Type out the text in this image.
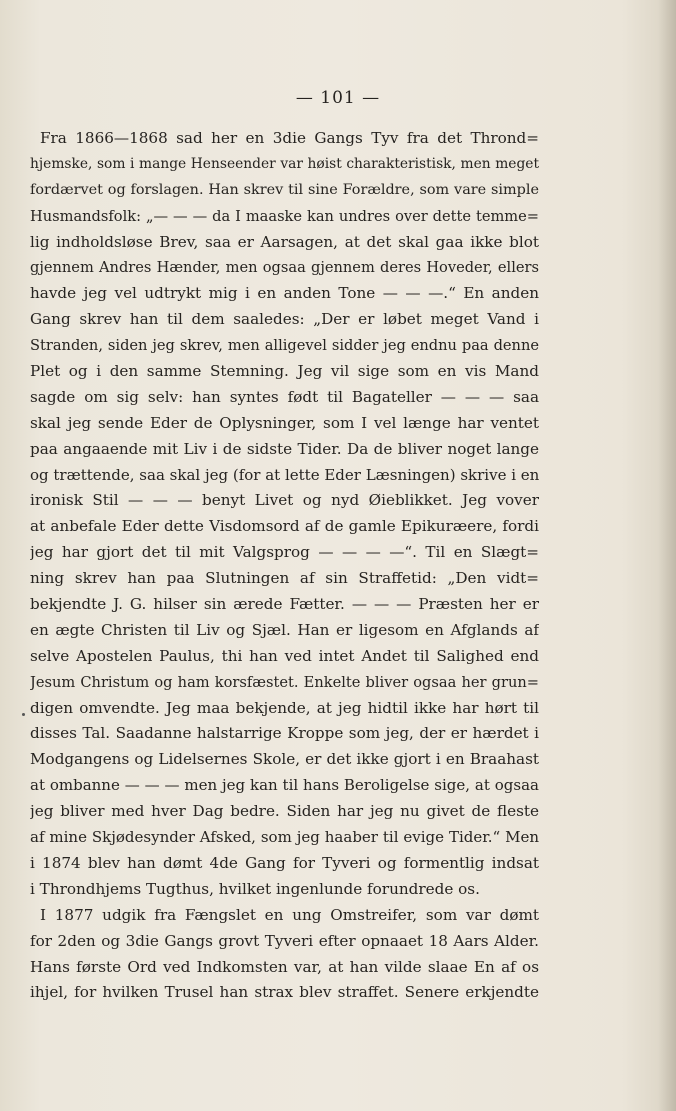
— 101 —
Fra 1866—1868 sad her en 3die Gangs Tyv fra det Thrond=
hjemske, som i mange Henseender var høist charakteristisk, men meget
fordærvet og forslagen. Han skrev til sine Forældre, som vare simple
Husmandsfolk: „— — — da I maaske kan undres over dette temme=
lig indholdsløse Brev, saa er Aarsagen, at det skal gaa ikke blot
gjennem Andres Hænder, men ogsaa gjennem deres Hoveder, ellers
havde jeg vel udtrykt mig i en anden Tone — — —.“ En anden
Gang skrev han til dem saaledes: „Der er løbet meget Vand i
Stranden, siden jeg skrev, men alligevel sidder jeg endnu paa denne
Plet og i den samme Stemning. Jeg vil sige som en vis Mand
sagde om sig selv: han syntes født til Bagateller — — — saa
skal jeg sende Eder de Oplysninger, som I vel længe har ventet
paa angaaende mit Liv i de sidste Tider. Da de bliver noget lange
og trættende, saa skal jeg (for at lette Eder Læsningen) skrive i en
ironisk Stil — — — benyt Livet og nyd Øieblikket. Jeg vover
at anbefale Eder dette Visdomsord af de gamle Epikuræere, fordi
jeg har gjort det til mit Valgsprog — — — —“. Til en Slægt=
ning skrev han paa Slutningen af sin Straffetid: „Den vidt=
bekjendte J. G. hilser sin ærede Fætter. — — — Præsten her er
en ægte Christen til Liv og Sjæl. Han er ligesom en Afglands af
selve Apostelen Paulus, thi han ved intet Andet til Salighed end
Jesum Christum og ham korsfæstet. Enkelte bliver ogsaa her grun=
digen omvendte. Jeg maa bekjende, at jeg hidtil ikke har hørt til
disses Tal. Saadanne halstarrige Kroppe som jeg, der er hærdet i
Modgangens og Lidelsernes Skole, er det ikke gjort i en Braahast
at ombanne — — — men jeg kan til hans Beroligelse sige, at ogsaa
jeg bliver med hver Dag bedre. Siden har jeg nu givet de fleste
af mine Skjødesynder Afsked, som jeg haaber til evige Tider.“ Men
i 1874 blev han dømt 4de Gang for Tyveri og formentlig indsat
i Throndhjems Tugthus, hvilket ingenlunde forundrede os.
I 1877 udgik fra Fængslet en ung Omstreifer, som var dømt
for 2den og 3die Gangs grovt Tyveri efter opnaaet 18 Aars Alder.
Hans første Ord ved Indkomsten var, at han vilde slaae En af os
ihjel, for hvilken Trusel han strax blev straffet. Senere erkjendte
